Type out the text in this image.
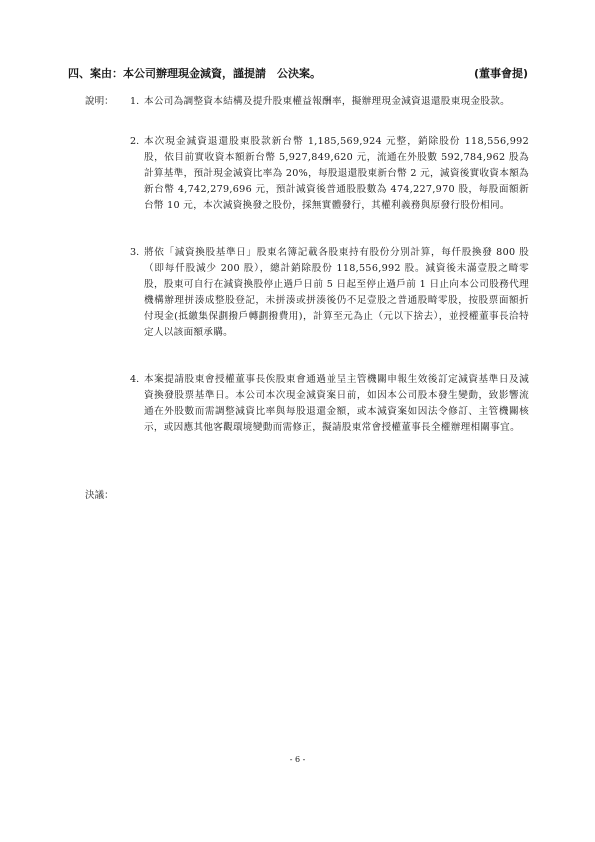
四、案由：本公司辦理現金減資，謹提請　公決案。	(董事會提)
說明： 1. 本公司為調整資本結構及提升股東權益報酬率，擬辦理現金減資退還股東現金股款。
2. 本次現金減資退還股東股款新台幣 1,185,569,924 元整，銷除股份 118,556,992 股，依目前實收資本額新台幣 5,927,849,620 元，流通在外股數 592,784,962 股為計算基準，預計現金減資比率為 20%，每股退還股東新台幣 2 元，減資後實收資本額為新台幣 4,742,279,696 元，預計減資後普通股股數為 474,227,970 股，每股面額新台幣 10 元，本次減資換發之股份，採無實體發行，其權利義務與原發行股份相同。
3. 將依「減資換股基準日」股東名簿記載各股東持有股份分別計算，每仟股換發 800 股（即每仟股減少 200 股），總計銷除股份 118,556,992 股。減資後未滿壹股之畸零股，股東可自行在減資換股停止過戶日前 5 日起至停止過戶前 1 日止向本公司股務代理機構辦理拼湊成整股登記，未拼湊或拼湊後仍不足壹股之普通股畸零股，按股票面額折付現金(抵繳集保劃撥戶轉劃撥費用)，計算至元為止（元以下捨去），並授權董事長洽特定人以該面額承購。
4. 本案提請股東會授權董事長俟股東會通過並呈主管機關申報生效後訂定減資基準日及減資換發股票基準日。本公司本次現金減資案日前，如因本公司股本發生變動，致影響流通在外股數而需調整減資比率與每股退還金額，或本減資案如因法令修訂、主管機關核示，或因應其他客觀環境變動而需修正，擬請股東常會授權董事長全權辦理相關事宜。
決議：
- 6 -
